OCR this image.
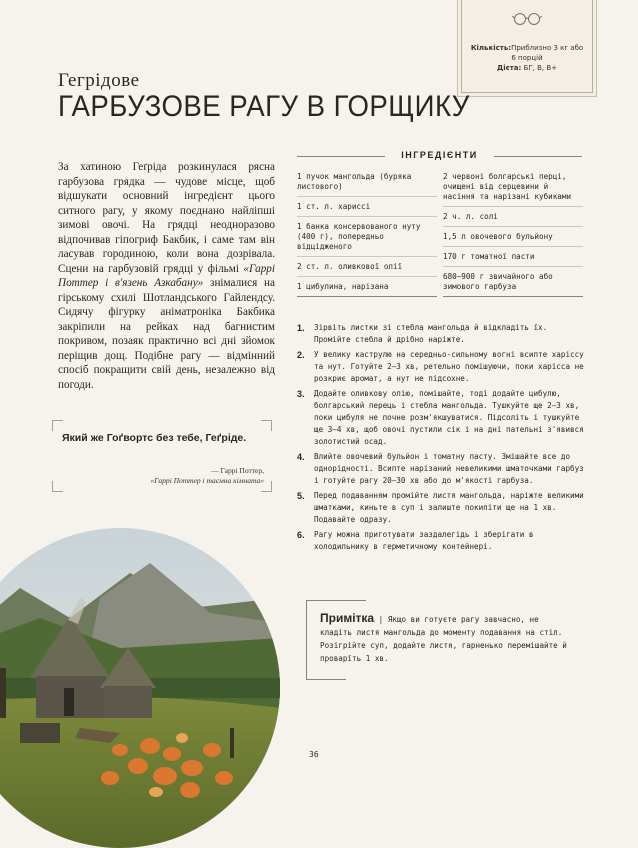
Кількість:Приблизно 3 кг або 6 порцій
Дієта: БГ, В, В+
Гегрідове
ГАРБУЗОВЕ РАГУ В ГОРЩИКУ
За хатиною Геґріда розкинулася рясна гарбузова грядка — чудове місце, щоб відшукати основний інгредієнт цього ситного рагу, у якому поєднано найліпші зимові овочі. На грядці неодноразово відпочивав гіпогриф Бакбик, і саме там він ласував городиною, коли вона дозрівала. Сцени на гарбузовій грядці у фільмі «Гаррі Поттер і в'язень Азкабану» знімалися на гірському схилі Шотландського Гайлендсу. Сидячу фігурку аніматроніка Бакбика закріпили на рейках над багнистим покривом, позаяк практично всі дні зйомок періщив дощ. Подібне рагу — відмінний спосіб покращити свій день, незалежно від погоди.
Який же Гоґвортс без тебе, Геґріде.
— Гаррі Поттер,
«Гаррі Поттер і таємна кімната»
ІНГРЕДІЄНТИ
1 пучок мангольда (буряка листового)
1 ст. л. хариссі
1 банка консервованого нуту (400 г), попередньо відцідженого
2 ст. л. оливкової олії
1 цибулина, нарізана
2 червоні болгарські перці, очищені від серцевини й насіння та нарізані кубиками
2 ч. л. солі
1,5 л овочевого бульйону
170 г томатної пасти
680–900 г звичайного або зимового гарбуза
1. Зірвіть листки зі стебла мангольда й відкладіть їх. Промійте стебла й дрібно наріжте.
2. У велику каструлю на середньо-сильному вогні всипте харіссу та нут. Готуйте 2–3 хв, ретельно помішуючи, поки харісса не розкриє аромат, а нут не підсохне.
3. Додайте оливкову олію, помішайте, тоді додайте цибулю, болгарський перець і стебла мангольда. Тушкуйте ще 2–3 хв, поки цибуля не почне розм'якшуватися. Підсоліть і тушкуйте ще 3–4 хв, щоб овочі пустили сік і на дні пательні з'явився золотистий осад.
4. Влийте овочевий бульйон і томатну пасту. Змішайте все до однорідності. Всипте нарізаний невеликими шматочками гарбуз і готуйте рагу 20–30 хв або до м'якості гарбуза.
5. Перед подаванням промійте листя мангольда, наріжте великими шматками, киньте в суп і залиште покипіти ще на 1 хв. Подавайте одразу.
6. Рагу можна приготувати заздалегідь і зберігати в холодильнику в герметичному контейнері.
Примітка | Якщо ви готуєте рагу завчасно, не кладіть листя мангольда до моменту подавання на стіл. Розігрійте суп, додайте листя, гарненько перемішайте й проварїть 1 хв.
36
